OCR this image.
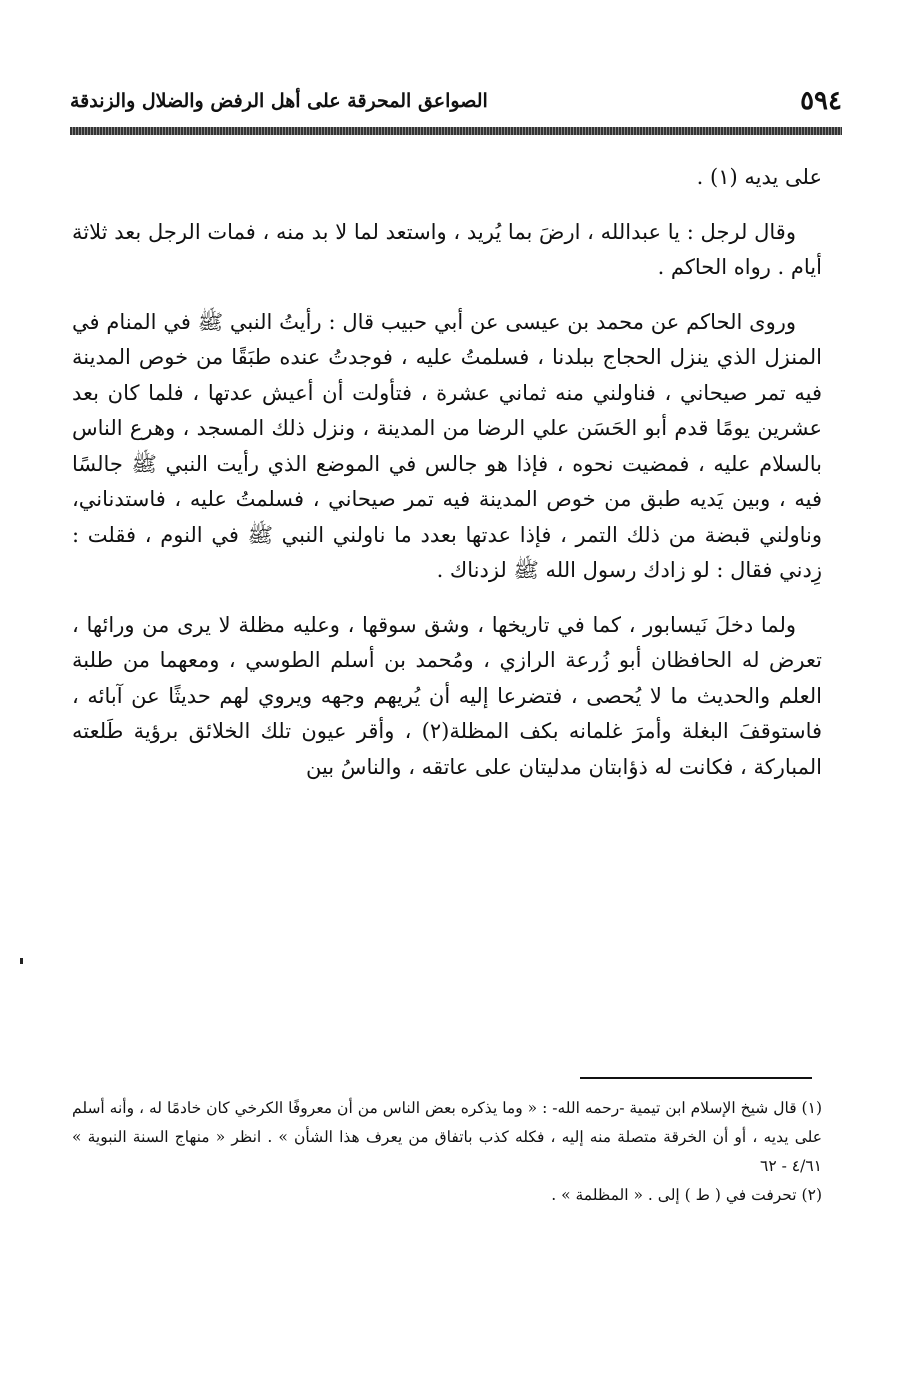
٥٩٤
الصواعق المحرقة على أهل الرفض والضلال والزندقة

على يديه (١) .

وقال لرجل : يا عبدالله ، ارضَ بما يُريد ، واستعد لما لا بد منه ، فمات الرجل بعد ثلاثة أيام . رواه الحاكم .

وروى الحاكم عن محمد بن عيسى عن أبي حبيب قال : رأيتُ النبي ﷺ في المنام في المنزل الذي ينزل الحجاج ببلدنا ، فسلمتُ عليه ، فوجدتُ عنده طبَقًا من خوص المدينة فيه تمر صيحاني ، فناولني منه ثماني عشرة ، فتأولت أن أعيش عدتها ، فلما كان بعد عشرين يومًا قدم أبو الحَسَن علي الرضا من المدينة ، ونزل ذلك المسجد ، وهرع الناس بالسلام عليه ، فمضيت نحوه ، فإذا هو جالس في الموضع الذي رأيت النبي ﷺ جالسًا فيه ، وبين يَديه طبق من خوص المدينة فيه تمر صيحاني ، فسلمتُ عليه ، فاستدناني، وناولني قبضة من ذلك التمر ، فإذا عدتها بعدد ما ناولني النبي ﷺ في النوم ، فقلت : زِدني فقال : لو زادك رسول الله ﷺ لزدناك .

ولما دخلَ نَيسابور ، كما في تاريخها ، وشق سوقها ، وعليه مظلة لا يرى من ورائها ، تعرض له الحافظان أبو زُرعة الرازي ، ومُحمد بن أسلم الطوسي ، ومعهما من طلبة العلم والحديث ما لا يُحصى ، فتضرعا إليه أن يُريهم وجهه ويروي لهم حديثًا عن آبائه ، فاستوقفَ البغلة وأمرَ غلمانه بكف المظلة(٢) ، وأقر عيون تلك الخلائق برؤية طَلعته المباركة ، فكانت له ذؤابتان مدليتان على عاتقه ، والناسُ بين

(١) قال شيخ الإسلام ابن تيمية -رحمه الله- : « وما يذكره بعض الناس من أن معروفًا الكرخي كان خادمًا له ، وأنه أسلم على يديه ، أو أن الخرقة متصلة منه إليه ، فكله كذب باتفاق من يعرف هذا الشأن » . انظر « منهاج السنة النبوية » ٤/٦١ - ٦٢

(٢) تحرفت في ( ط ) إلى . « المظلمة » .
